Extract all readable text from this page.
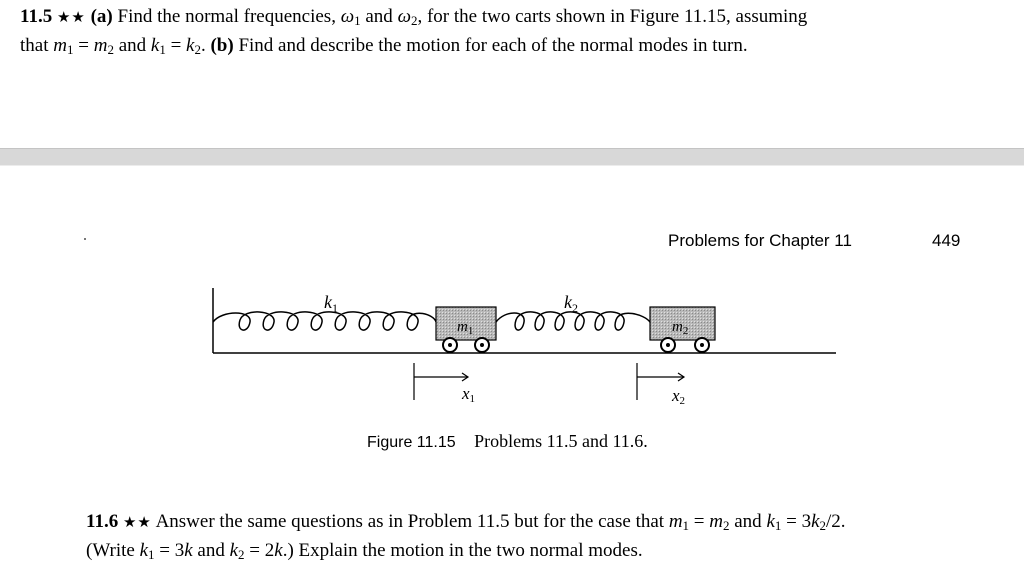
11.5 ★★ (a) Find the normal frequencies, $\omega_1$ and $\omega_2$, for the two carts shown in Figure 11.15, assuming
that $m_1 = m_2$ and $k_1 = k_2$. (b) Find and describe the motion for each of the normal modes in turn.

Problems for Chapter 11	449
$k_1$
$m_1$
$k_2$
$m_2$
x1	x2
Figure 11.15 Problems 11.5 and 11.6.

11.6 ★★ Answer the same questions as in Problem 11.5 but for the case that $m_1 = m_2$ and $k_1 = 3k_2/2$.
(Write $k_1 = 3k$ and $k_2 = 2k$.) Explain the motion in the two normal modes.
